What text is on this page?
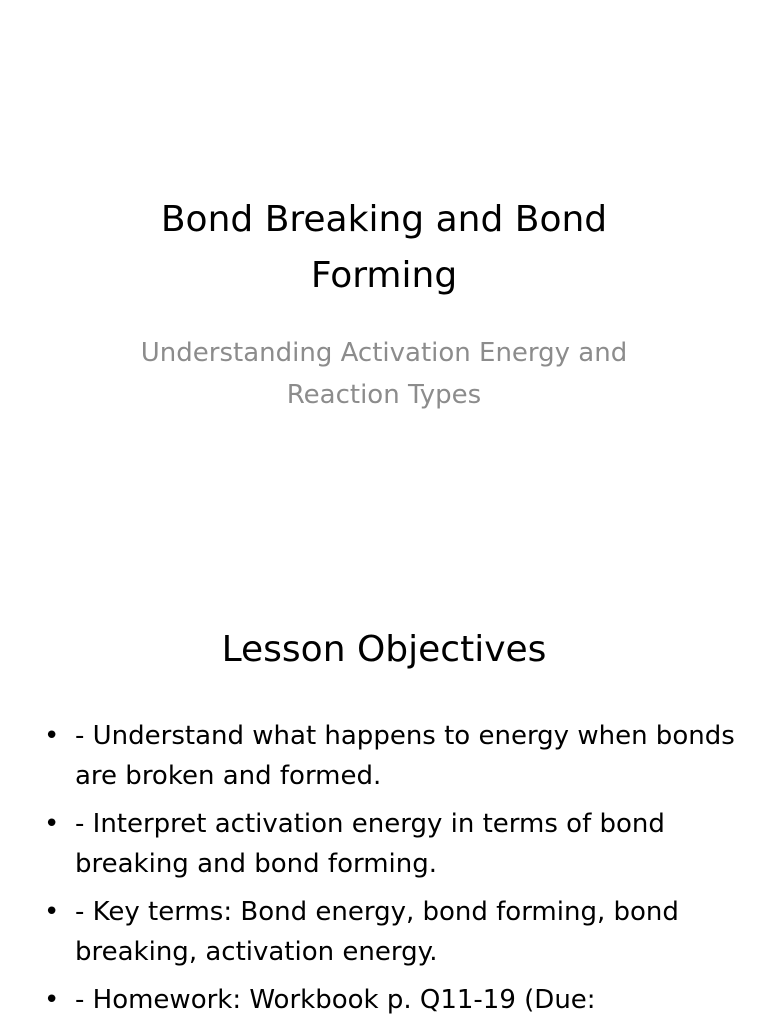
Bond Breaking and Bond Forming

Understanding Activation Energy and Reaction Types

Lesson Objectives
• - Understand what happens to energy when bonds are broken and formed.
• - Interpret activation energy in terms of bond breaking and bond forming.
• - Key terms: Bond energy, bond forming, bond breaking, activation energy.
• - Homework: Workbook p. Q11-19 (Due:
